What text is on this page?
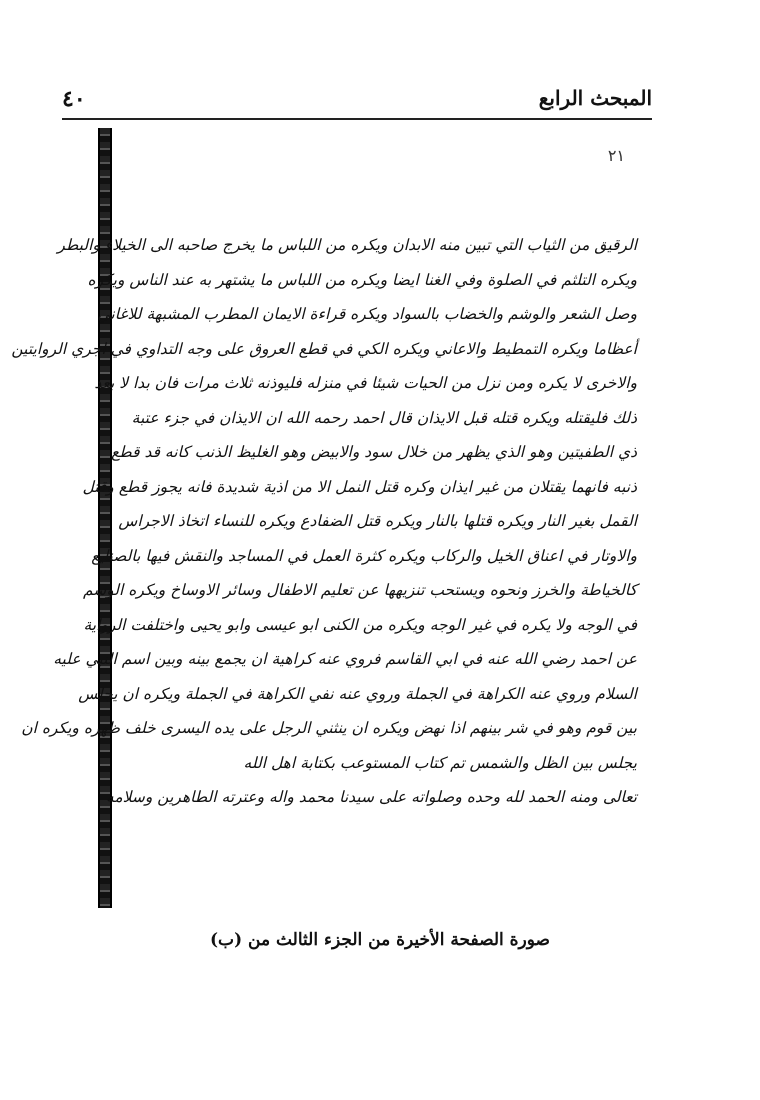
٤٠	المبحث الرابع
۲۱
الرقيق من الثياب التي تبين منه الابدان ويكره من اللباس ما يخرج صاحبه الى الخيلاء والبطر
ويكره التلثم في الصلوة وفي الغنا ايضا ويكره من اللباس ما يشتهر به عند الناس ويكره
وصل الشعر والوشم والخضاب بالسواد ويكره قراءة الايمان المطرب المشبهة للاغاني
أعظاما ويكره التمطيط والاعاني ويكره الكي في قطع العروق على وجه التداوي في اجري الروايتين
والاخرى لا يكره ومن نزل من الحيات شيئا في منزله فليوذنه ثلاث مرات فان بدا لا بعد
ذلك فليقتله ويكره قتله قبل الايذان قال احمد رحمه الله ان الايذان في جزء عتبة
ذي الطفيتين وهو الذي يظهر من خلال سود والابيض وهو الغليظ الذنب كانه قد قطع
ذنبه فانهما يقتلان من غير ايذان وكره قتل النمل الا من اذية شديدة فانه يجوز قطع وقتل
القمل بغير النار ويكره قتلها بالنار ويكره قتل الضفادع ويكره للنساء اتخاذ الاجراس
والاوتار في اعناق الخيل والركاب ويكره كثرة العمل في المساجد والنقش فيها بالصنايع
كالخياطة والخرز ونحوه ويستحب تنزيهها عن تعليم الاطفال وسائر الاوساخ ويكره الوسم
في الوجه ولا يكره في غير الوجه ويكره من الكنى ابو عيسى وابو يحيى واختلفت الرواية
عن احمد رضي الله عنه في ابي القاسم فروي عنه كراهية ان يجمع بينه وبين اسم النبي عليه
السلام وروي عنه الكراهة في الجملة وروي عنه نفي الكراهة في الجملة ويكره ان يجلس
بين قوم وهو في شر بينهم اذا نهض ويكره ان ينثني الرجل على يده اليسرى خلف ظهره ويكره ان
يجلس بين الظل والشمس تم كتاب المستوعب بكتابة اهل الله
تعالى ومنه الحمد لله وحده وصلواته على سيدنا محمد واله وعترته الطاهرين وسلامه
صورة الصفحة الأخيرة من الجزء الثالث من (ب)
